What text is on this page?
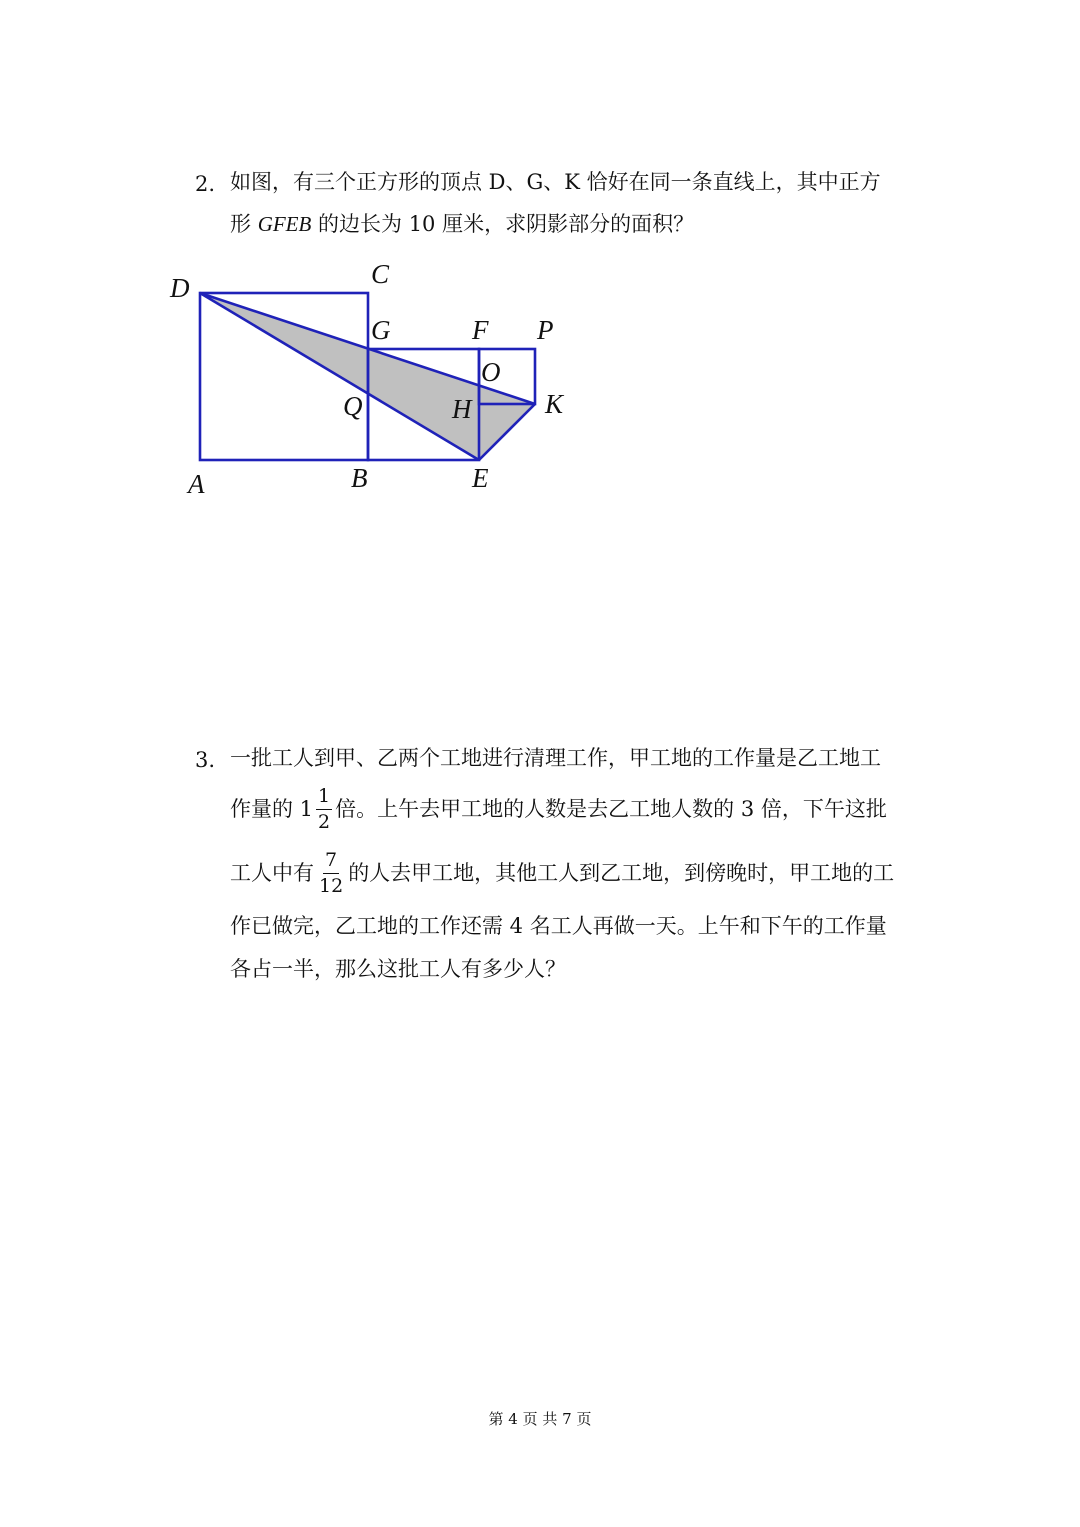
2. 如图，有三个正方形的顶点 D、G、K 恰好在同一条直线上，其中正方
形 GFEB 的边长为 10 厘米，求阴影部分的面积？
D	C
G	F P
O
Q	H	K
A	B	E
3. 一批工人到甲、乙两个工地进行清理工作，甲工地的工作量是乙工地工
作量的 $1 \frac{1}{2}$ 倍。上午去甲工地的人数是去乙工地人数的 3 倍，下午这批
工人中有 $\frac{7}{12}$ 的人去甲工地，其他工人到乙工地，到傍晚时，甲工地的工
作已做完，乙工地的工作还需 4 名工人再做一天。上午和下午的工作量
各占一半，那么这批工人有多少人？
第 4 页 共 7 页
